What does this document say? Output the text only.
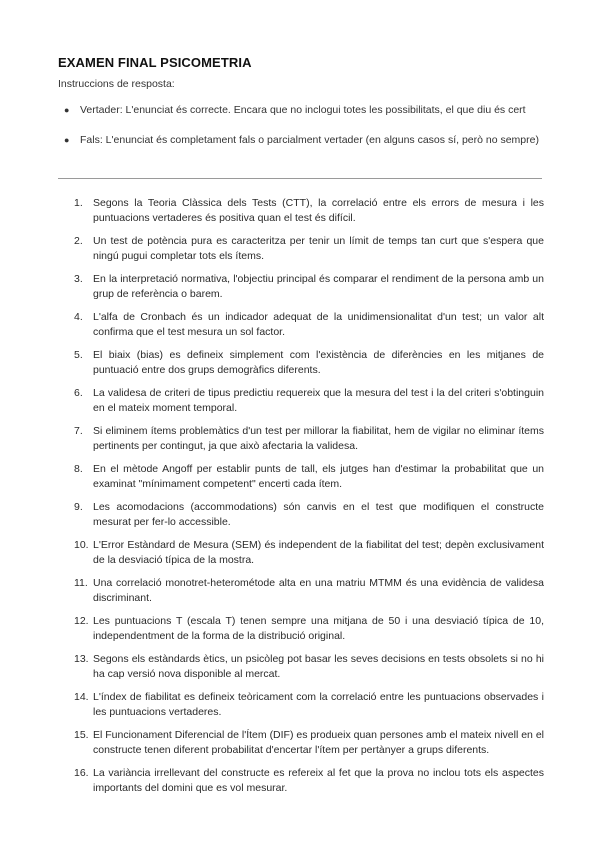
EXAMEN FINAL PSICOMETRIA
Instruccions de resposta:
● Vertader: L'enunciat és correcte. Encara que no inclogui totes les possibilitats, el que diu és cert
● Fals: L'enunciat és completament fals o parcialment vertader (en alguns casos sí, però no sempre)
1. Segons la Teoria Clàssica dels Tests (CTT), la correlació entre els errors de mesura i les puntuacions vertaderes és positiva quan el test és difícil.
2. Un test de potència pura es caracteritza per tenir un límit de temps tan curt que s'espera que ningú pugui completar tots els ítems.
3. En la interpretació normativa, l'objectiu principal és comparar el rendiment de la persona amb un grup de referència o barem.
4. L'alfa de Cronbach és un indicador adequat de la unidimensionalitat d'un test; un valor alt confirma que el test mesura un sol factor.
5. El biaix (bias) es defineix simplement com l'existència de diferències en les mitjanes de puntuació entre dos grups demogràfics diferents.
6. La validesa de criteri de tipus predictiu requereix que la mesura del test i la del criteri s'obtinguin en el mateix moment temporal.
7. Si eliminem ítems problemàtics d'un test per millorar la fiabilitat, hem de vigilar no eliminar ítems pertinents per contingut, ja que això afectaria la validesa.
8. En el mètode Angoff per establir punts de tall, els jutges han d'estimar la probabilitat que un examinat "mínimament competent" encerti cada ítem.
9. Les acomodacions (accommodations) són canvis en el test que modifiquen el constructe mesurat per fer-lo accessible.
10. L'Error Estàndard de Mesura (SEM) és independent de la fiabilitat del test; depèn exclusivament de la desviació típica de la mostra.
11. Una correlació monotret-heterométode alta en una matriu MTMM és una evidència de validesa discriminant.
12. Les puntuacions T (escala T) tenen sempre una mitjana de 50 i una desviació típica de 10, independentment de la forma de la distribució original.
13. Segons els estàndards ètics, un psicòleg pot basar les seves decisions en tests obsolets si no hi ha cap versió nova disponible al mercat.
14. L'índex de fiabilitat es defineix teòricament com la correlació entre les puntuacions observades i les puntuacions vertaderes.
15. El Funcionament Diferencial de l'Ítem (DIF) es produeix quan persones amb el mateix nivell en el constructe tenen diferent probabilitat d'encertar l'ítem per pertànyer a grups diferents.
16. La variància irrellevant del constructe es refereix al fet que la prova no inclou tots els aspectes importants del domini que es vol mesurar.
